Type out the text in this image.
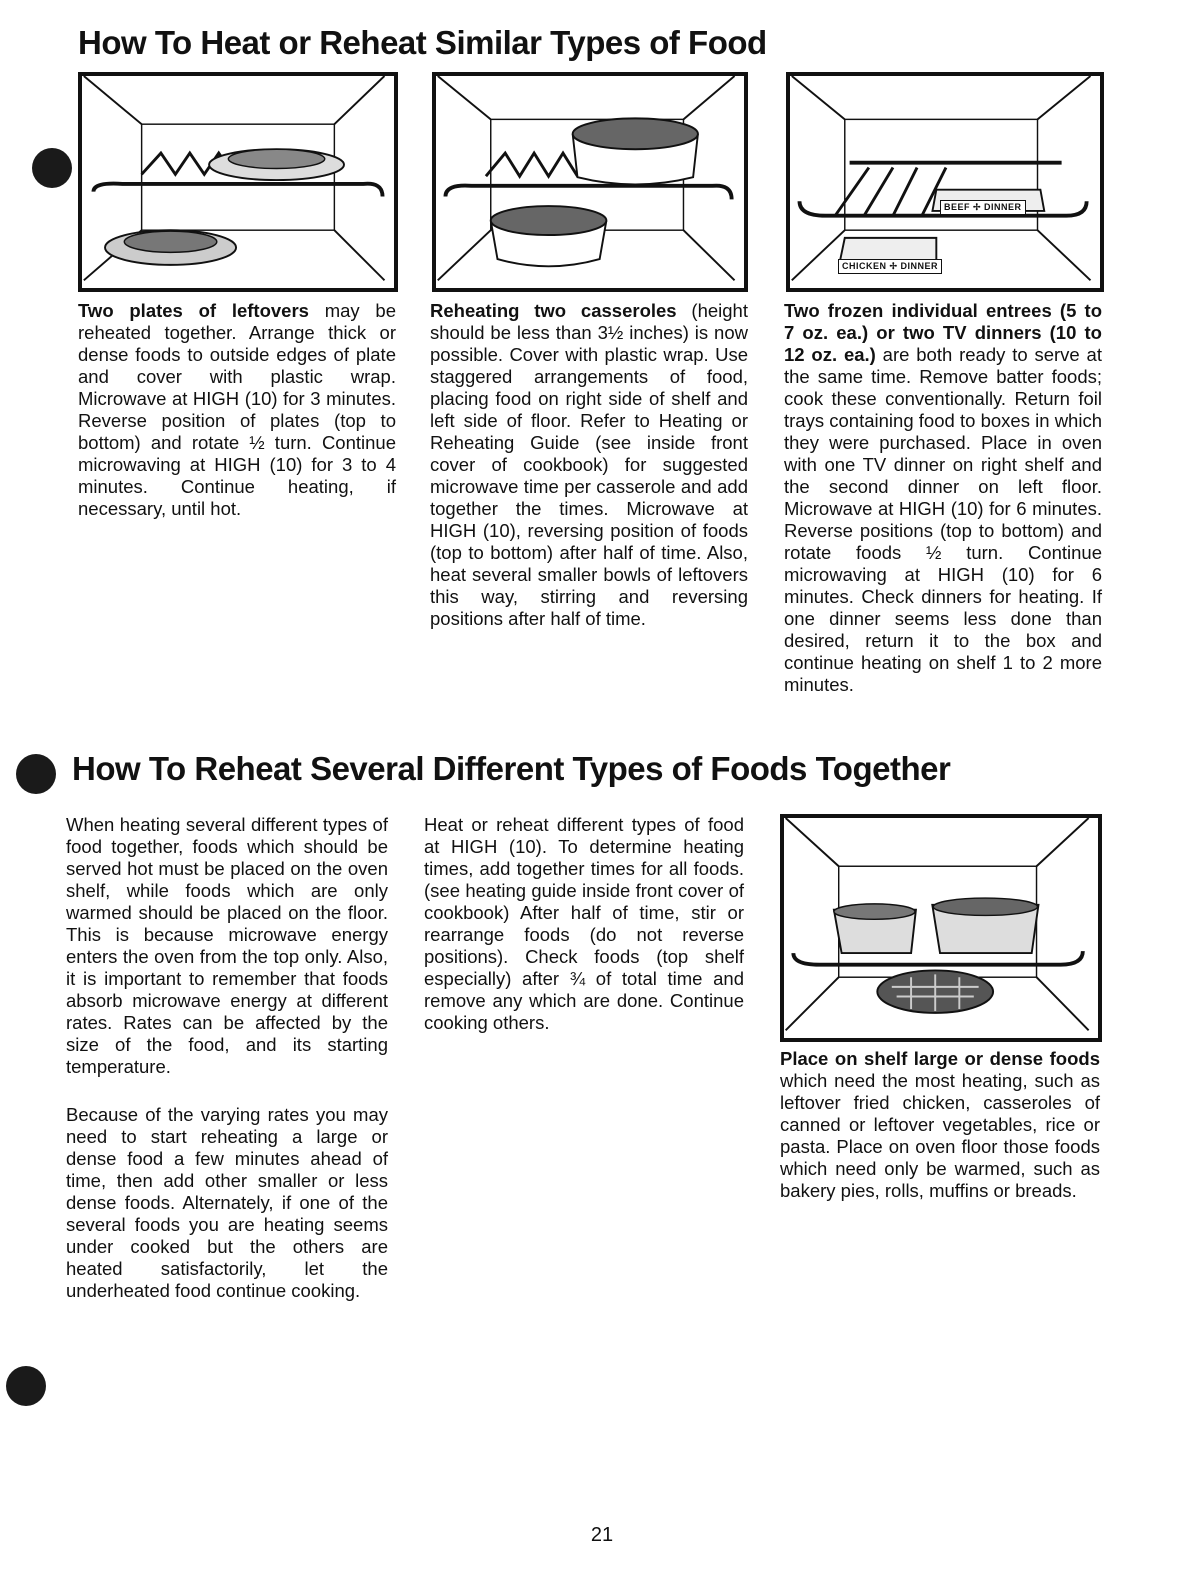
How To Heat or Reheat Similar Types of Food
BEEF ✢ DINNER
CHICKEN ✢ DINNER
Two plates of leftovers may be reheated together. Arrange thick or dense foods to outside edges of plate and cover with plastic wrap. Microwave at HIGH (10) for 3 minutes. Reverse position of plates (top to bottom) and rotate ½ turn. Continue microwaving at HIGH (10) for 3 to 4 minutes. Continue heating, if necessary, until hot.
Reheating two casseroles (height should be less than 3½ inches) is now possible. Cover with plastic wrap. Use staggered arrangements of food, placing food on right side of shelf and left side of floor. Refer to Heating or Reheating Guide (see inside front cover of cookbook) for suggested microwave time per casserole and add together the times. Microwave at HIGH (10), reversing position of foods (top to bottom) after half of time. Also, heat several smaller bowls of leftovers this way, stirring and reversing positions after half of time.
Two frozen individual entrees (5 to 7 oz. ea.) or two TV dinners (10 to 12 oz. ea.) are both ready to serve at the same time. Remove batter foods; cook these conventionally. Return foil trays containing food to boxes in which they were purchased. Place in oven with one TV dinner on right shelf and the second dinner on left floor. Microwave at HIGH (10) for 6 minutes. Reverse positions (top to bottom) and rotate foods ½ turn. Continue microwaving at HIGH (10) for 6 minutes. Check dinners for heating. If one dinner seems less done than desired, return it to the box and continue heating on shelf 1 to 2 more minutes.
How To Reheat Several Different Types of Foods Together

When heating several different types of food together, foods which should be served hot must be placed on the oven shelf, while foods which are only warmed should be placed on the floor. This is because microwave energy enters the oven from the top only. Also, it is important to remember that foods absorb microwave energy at different rates. Rates can be affected by the size of the food, and its starting temperature.

Because of the varying rates you may need to start reheating a large or dense food a few minutes ahead of time, then add other smaller or less dense foods. Alternately, if one of the several foods you are heating seems under cooked but the others are heated satisfactorily, let the underheated food continue cooking.

Heat or reheat different types of food at HIGH (10). To determine heating times, add together times for all foods. (see heating guide inside front cover of cookbook) After half of time, stir or rearrange foods (do not reverse positions). Check foods (top shelf especially) after ¾ of total time and remove any which are done. Continue cooking others.
Place on shelf large or dense foods which need the most heating, such as leftover fried chicken, casseroles of canned or leftover vegetables, rice or pasta. Place on oven floor those foods which need only be warmed, such as bakery pies, rolls, muffins or breads.
21
